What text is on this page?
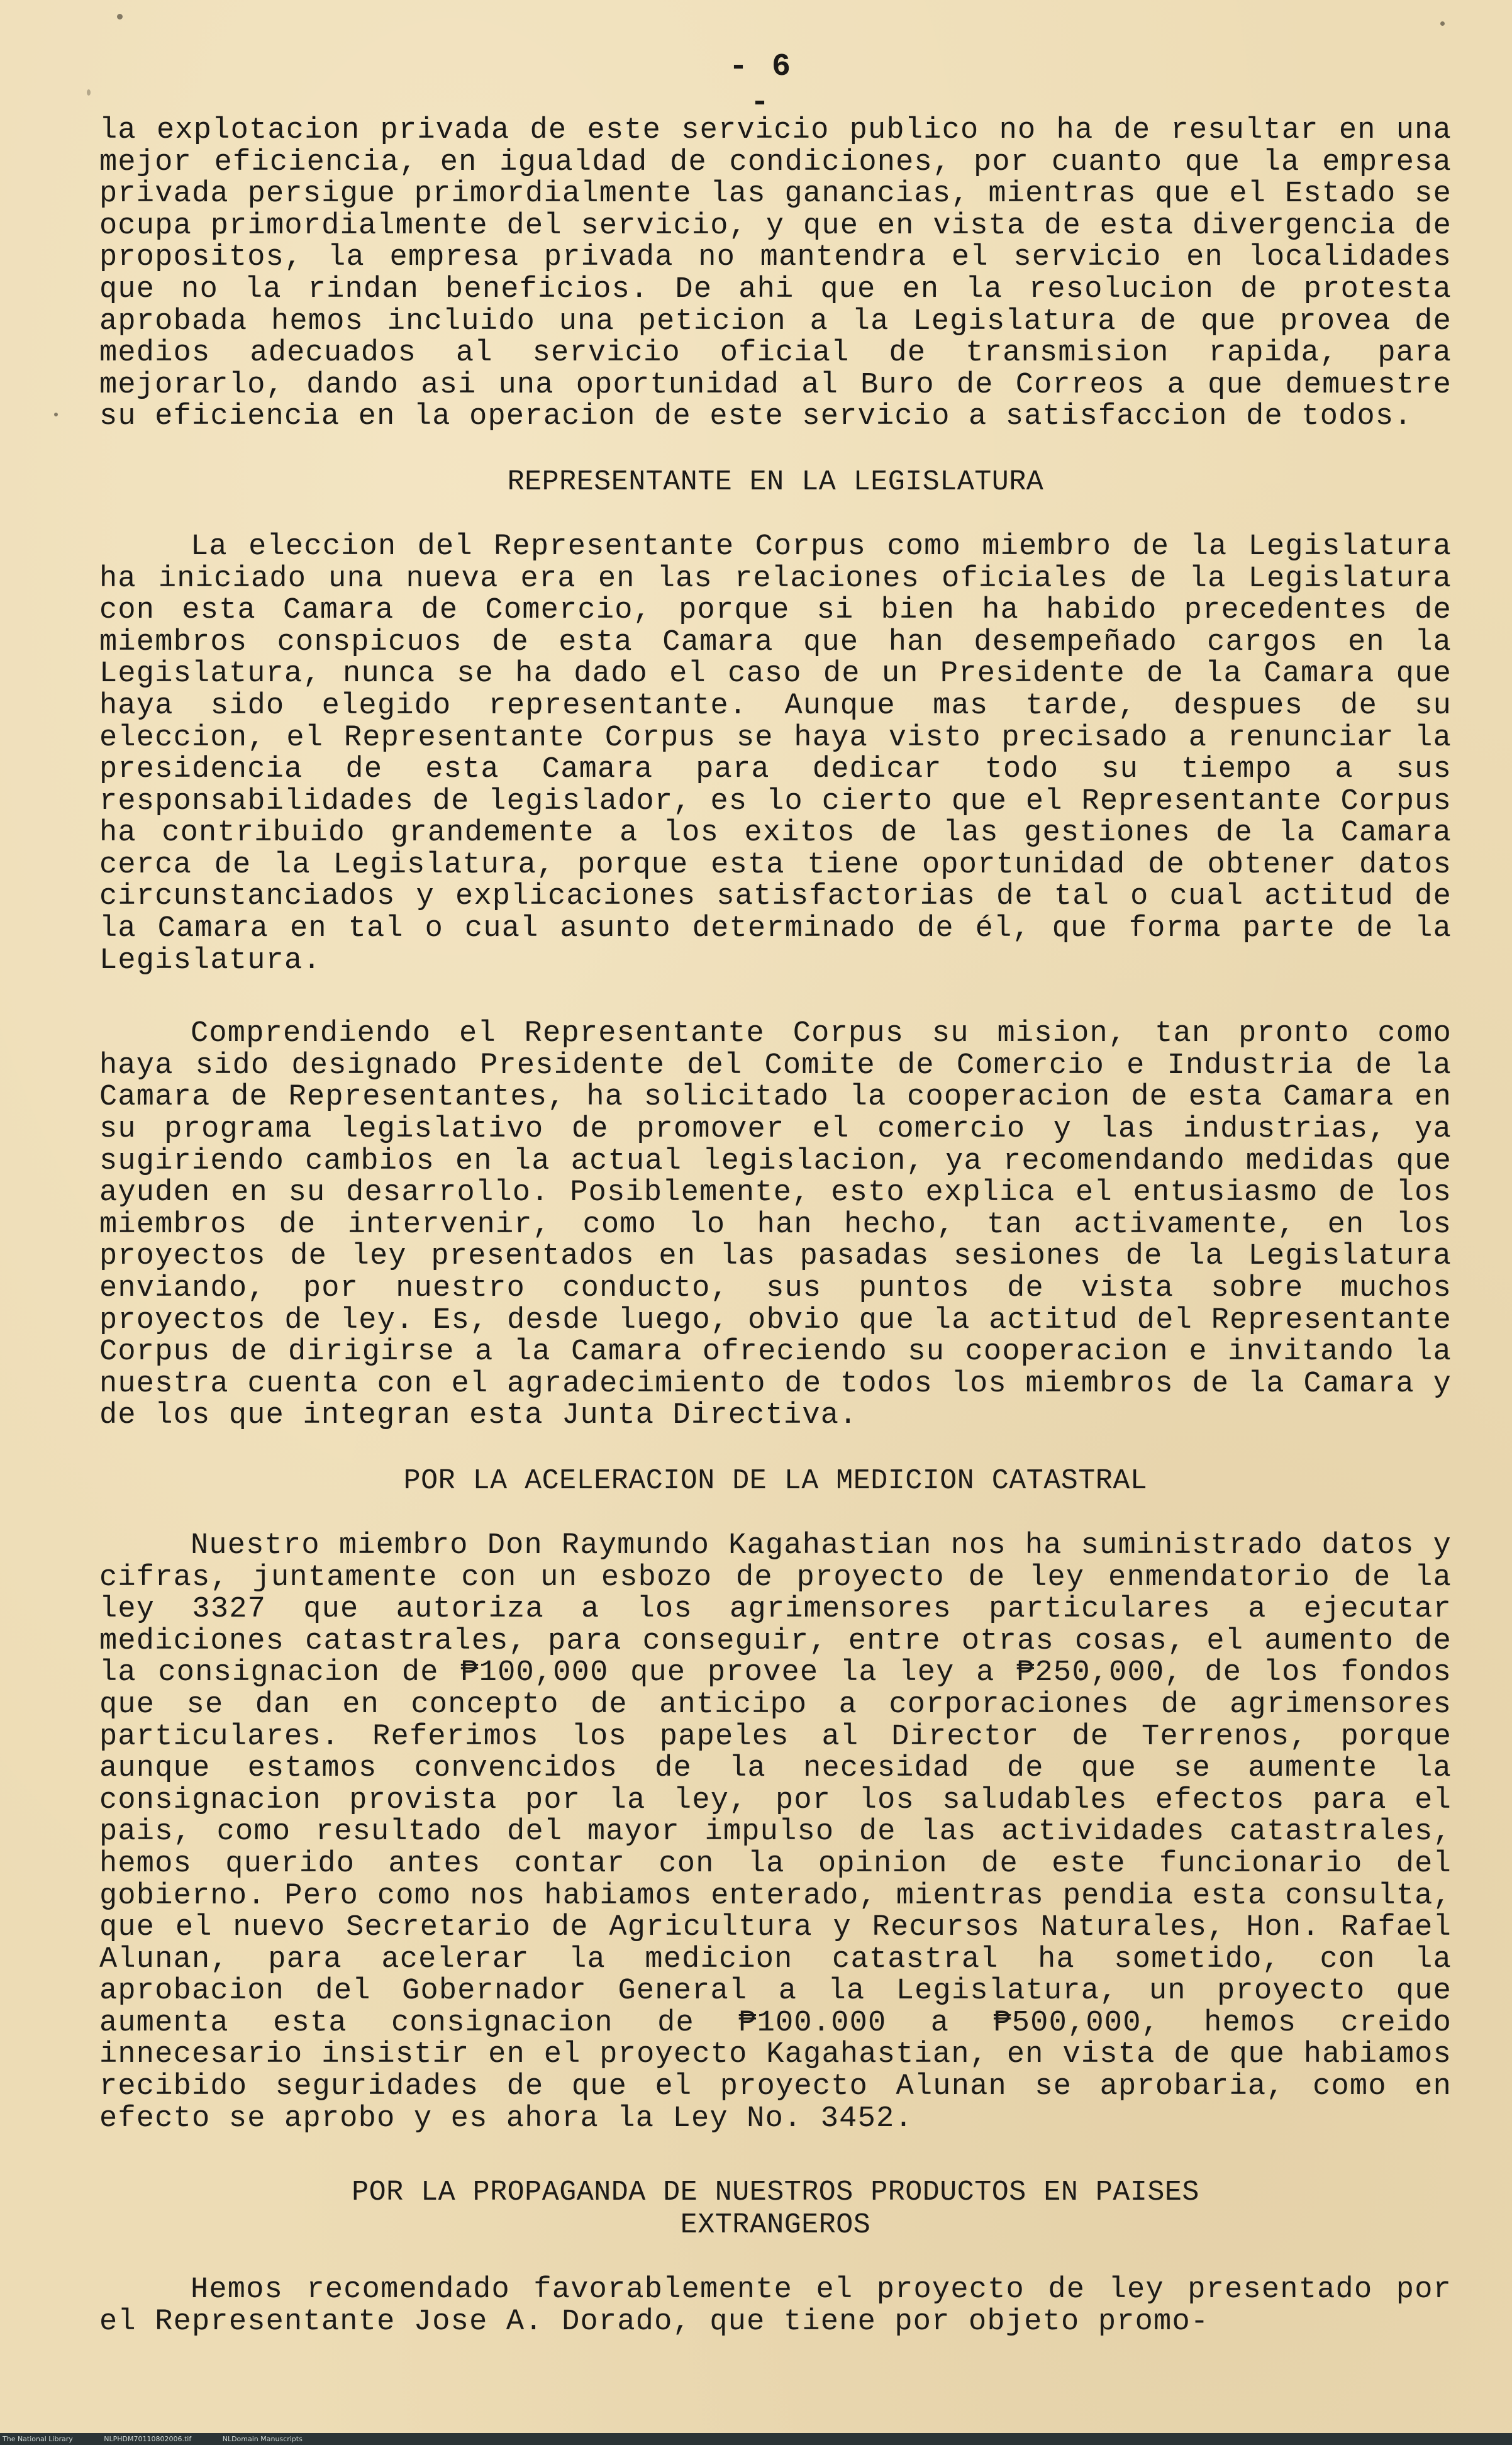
- 6 -

la explotacion privada de este servicio publico no ha de resultar en una mejor eficiencia, en igualdad de condiciones, por cuanto que la empresa privada persigue primordialmente las ganancias, mientras que el Estado se ocupa primordialmente del servicio, y que en vista de esta divergencia de propositos, la empresa privada no mantendra el servicio en localidades que no la rindan beneficios. De ahi que en la resolucion de protesta aprobada hemos incluido una peticion a la Legislatura de que provea de medios adecuados al servicio oficial de transmision rapida, para mejorarlo, dando asi una oportunidad al Buro de Correos a que demuestre su eficiencia en la operacion de este servicio a satisfaccion de todos.

REPRESENTANTE EN LA LEGISLATURA

La eleccion del Representante Corpus como miembro de la Legislatura ha iniciado una nueva era en las relaciones oficiales de la Legislatura con esta Camara de Comercio, porque si bien ha habido precedentes de miembros conspicuos de esta Camara que han desempeñado cargos en la Legislatura, nunca se ha dado el caso de un Presidente de la Camara que haya sido elegido representante. Aunque mas tarde, despues de su eleccion, el Representante Corpus se haya visto precisado a renunciar la presidencia de esta Camara para dedicar todo su tiempo a sus responsabilidades de legislador, es lo cierto que el Representante Corpus ha contribuido grandemente a los exitos de las gestiones de la Camara cerca de la Legislatura, porque esta tiene oportunidad de obtener datos circunstanciados y explicaciones satisfactorias de tal o cual actitud de la Camara en tal o cual asunto determinado de él, que forma parte de la Legislatura.

Comprendiendo el Representante Corpus su mision, tan pronto como haya sido designado Presidente del Comite de Comercio e Industria de la Camara de Representantes, ha solicitado la cooperacion de esta Camara en su programa legislativo de promover el comercio y las industrias, ya sugiriendo cambios en la actual legislacion, ya recomendando medidas que ayuden en su desarrollo. Posiblemente, esto explica el entusiasmo de los miembros de intervenir, como lo han hecho, tan activamente, en los proyectos de ley presentados en las pasadas sesiones de la Legislatura enviando, por nuestro conducto, sus puntos de vista sobre muchos proyectos de ley. Es, desde luego, obvio que la actitud del Representante Corpus de dirigirse a la Camara ofreciendo su cooperacion e invitando la nuestra cuenta con el agradecimiento de todos los miembros de la Camara y de los que integran esta Junta Directiva.

POR LA ACELERACION DE LA MEDICION CATASTRAL

Nuestro miembro Don Raymundo Kagahastian nos ha suministrado datos y cifras, juntamente con un esbozo de proyecto de ley enmendatorio de la ley 3327 que autoriza a los agrimensores particulares a ejecutar mediciones catastrales, para conseguir, entre otras cosas, el aumento de la consignacion de ₱100,000 que provee la ley a ₱250,000, de los fondos que se dan en concepto de anticipo a corporaciones de agrimensores particulares. Referimos los papeles al Director de Terrenos, porque aunque estamos convencidos de la necesidad de que se aumente la consignacion provista por la ley, por los saludables efectos para el pais, como resultado del mayor impulso de las actividades catastrales, hemos querido antes contar con la opinion de este funcionario del gobierno. Pero como nos habiamos enterado, mientras pendia esta consulta, que el nuevo Secretario de Agricultura y Recursos Naturales, Hon. Rafael Alunan, para acelerar la medicion catastral ha sometido, con la aprobacion del Gobernador General a la Legislatura, un proyecto que aumenta esta consignacion de ₱100.000 a ₱500,000, hemos creido innecesario insistir en el proyecto Kagahastian, en vista de que habiamos recibido seguridades de que el proyecto Alunan se aprobaria, como en efecto se aprobo y es ahora la Ley No. 3452.

POR LA PROPAGANDA DE NUESTROS PRODUCTOS EN PAISES
EXTRANGEROS

Hemos recomendado favorablemente el proyecto de ley presentado por el Representante Jose A. Dorado, que tiene por objeto promo-

The National Library	NLPHDM70110802006.tif	NLDomain Manuscripts
